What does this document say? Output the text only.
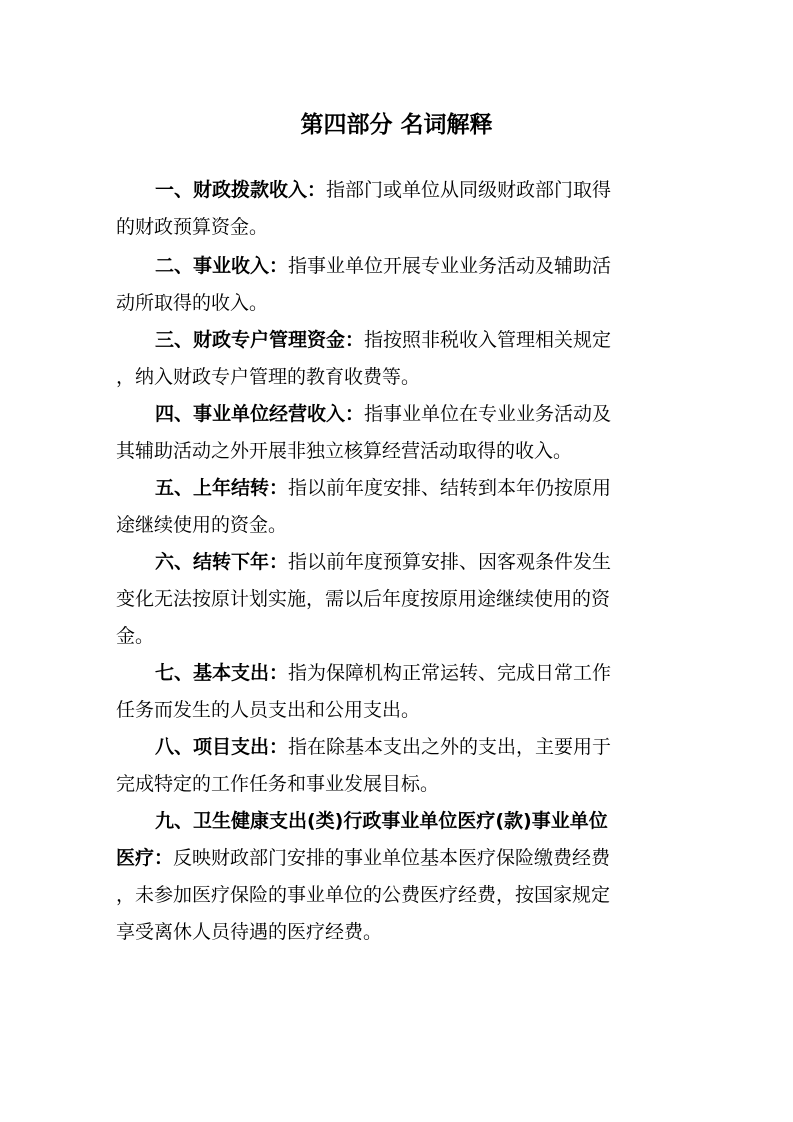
第四部分 名词解释
一、财政拨款收入：指部门或单位从同级财政部门取得
的财政预算资金。
二、事业收入：指事业单位开展专业业务活动及辅助活
动所取得的收入。
三、财政专户管理资金：指按照非税收入管理相关规定
，纳入财政专户管理的教育收费等。
四、事业单位经营收入：指事业单位在专业业务活动及
其辅助活动之外开展非独立核算经营活动取得的收入。
五、上年结转：指以前年度安排、结转到本年仍按原用
途继续使用的资金。
六、结转下年：指以前年度预算安排、因客观条件发生
变化无法按原计划实施，需以后年度按原用途继续使用的资
金。
七、基本支出：指为保障机构正常运转、完成日常工作
任务而发生的人员支出和公用支出。
八、项目支出：指在除基本支出之外的支出，主要用于
完成特定的工作任务和事业发展目标。
九、卫生健康支出(类)行政事业单位医疗(款)事业单位
医疗：反映财政部门安排的事业单位基本医疗保险缴费经费
，未参加医疗保险的事业单位的公费医疗经费，按国家规定
享受离休人员待遇的医疗经费。
